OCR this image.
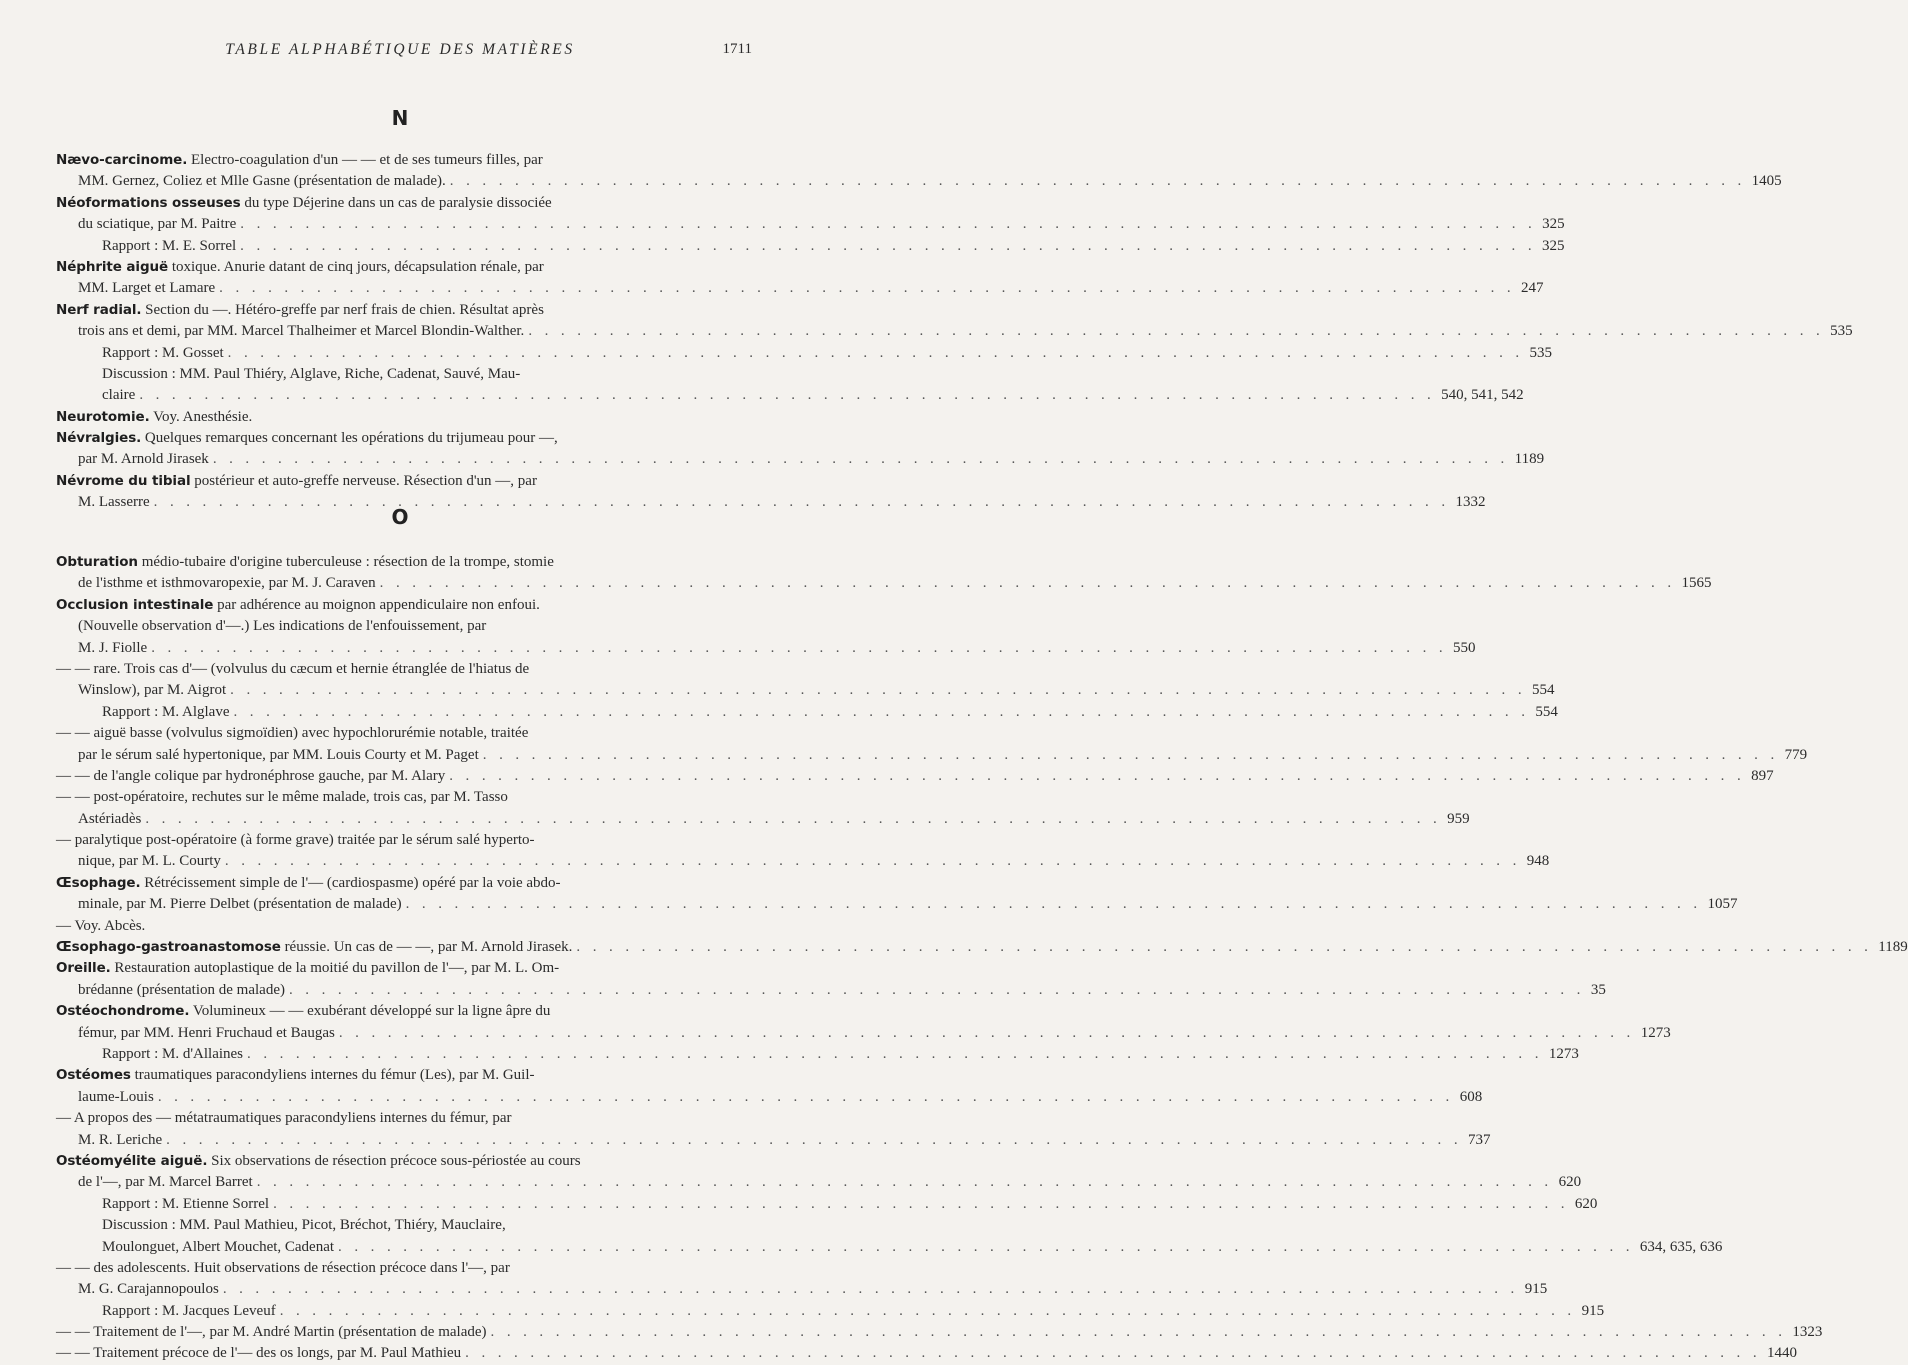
TABLE ALPHABÉTIQUE DES MATIÈRES	1711
N
Nævo-carcinome. Electro-coagulation d'un — — et de ses tumeurs filles, par
MM. Gernez, Coliez et Mlle Gasne (présentation de malade). . . . . . . . . . . . . . . . . . . . . . . . . . . . . . . . . . . . . . . . . . . . . . . . . . . . . . . . . . . . . . . . . . . . . . . . . . . . . . . . . 1405
Néoformations osseuses du type Déjerine dans un cas de paralysie dissociée
du sciatique, par M. Paitre . . . . . . . . . . . . . . . . . . . . . . . . . . . . . . . . . . . . . . . . . . . . . . . . . . . . . . . . . . . . . . . . . . . . . . . . . . . . . . . . 325
Rapport : M. E. Sorrel . . . . . . . . . . . . . . . . . . . . . . . . . . . . . . . . . . . . . . . . . . . . . . . . . . . . . . . . . . . . . . . . . . . . . . . . . . . . . . . . 325
Néphrite aiguë toxique. Anurie datant de cinq jours, décapsulation rénale, par
MM. Larget et Lamare . . . . . . . . . . . . . . . . . . . . . . . . . . . . . . . . . . . . . . . . . . . . . . . . . . . . . . . . . . . . . . . . . . . . . . . . . . . . . . . . 247
Nerf radial. Section du —. Hétéro-greffe par nerf frais de chien. Résultat après
trois ans et demi, par MM. Marcel Thalheimer et Marcel Blondin-Walther. . . . . . . . . . . . . . . . . . . . . . . . . . . . . . . . . . . . . . . . . . . . . . . . . . . . . . . . . . . . . . . . . . . . . . . . . . . . . . . . . 535
Rapport : M. Gosset . . . . . . . . . . . . . . . . . . . . . . . . . . . . . . . . . . . . . . . . . . . . . . . . . . . . . . . . . . . . . . . . . . . . . . . . . . . . . . . . 535
Discussion : MM. Paul Thiéry, Alglave, Riche, Cadenat, Sauvé, Mau-
claire . . . . . . . . . . . . . . . . . . . . . . . . . . . . . . . . . . . . . . . . . . . . . . . . . . . . . . . . . . . . . . . . . . . . . . . . . . . . . . . . 540, 541, 542
Neurotomie. Voy. Anesthésie.
Névralgies. Quelques remarques concernant les opérations du trijumeau pour —,
par M. Arnold Jirasek . . . . . . . . . . . . . . . . . . . . . . . . . . . . . . . . . . . . . . . . . . . . . . . . . . . . . . . . . . . . . . . . . . . . . . . . . . . . . . . . 1189
Névrome du tibial postérieur et auto-greffe nerveuse. Résection d'un —, par
M. Lasserre . . . . . . . . . . . . . . . . . . . . . . . . . . . . . . . . . . . . . . . . . . . . . . . . . . . . . . . . . . . . . . . . . . . . . . . . . . . . . . . . 1332
O
Obturation médio-tubaire d'origine tuberculeuse : résection de la trompe, stomie
de l'isthme et isthmovaropexie, par M. J. Caraven . . . . . . . . . . . . . . . . . . . . . . . . . . . . . . . . . . . . . . . . . . . . . . . . . . . . . . . . . . . . . . . . . . . . . . . . . . . . . . . . 1565
Occlusion intestinale par adhérence au moignon appendiculaire non enfoui.
(Nouvelle observation d'—.) Les indications de l'enfouissement, par
M. J. Fiolle . . . . . . . . . . . . . . . . . . . . . . . . . . . . . . . . . . . . . . . . . . . . . . . . . . . . . . . . . . . . . . . . . . . . . . . . . . . . . . . . 550
— — rare. Trois cas d'— (volvulus du cæcum et hernie étranglée de l'hiatus de
Winslow), par M. Aigrot . . . . . . . . . . . . . . . . . . . . . . . . . . . . . . . . . . . . . . . . . . . . . . . . . . . . . . . . . . . . . . . . . . . . . . . . . . . . . . . . 554
Rapport : M. Alglave . . . . . . . . . . . . . . . . . . . . . . . . . . . . . . . . . . . . . . . . . . . . . . . . . . . . . . . . . . . . . . . . . . . . . . . . . . . . . . . . 554
— — aiguë basse (volvulus sigmoïdien) avec hypochlorurémie notable, traitée
par le sérum salé hypertonique, par MM. Louis Courty et M. Paget . . . . . . . . . . . . . . . . . . . . . . . . . . . . . . . . . . . . . . . . . . . . . . . . . . . . . . . . . . . . . . . . . . . . . . . . . . . . . . . . 779
— — de l'angle colique par hydronéphrose gauche, par M. Alary . . . . . . . . . . . . . . . . . . . . . . . . . . . . . . . . . . . . . . . . . . . . . . . . . . . . . . . . . . . . . . . . . . . . . . . . . . . . . . . . 897
— — post-opératoire, rechutes sur le même malade, trois cas, par M. Tasso
Astériadès . . . . . . . . . . . . . . . . . . . . . . . . . . . . . . . . . . . . . . . . . . . . . . . . . . . . . . . . . . . . . . . . . . . . . . . . . . . . . . . . 959
— paralytique post-opératoire (à forme grave) traitée par le sérum salé hyperto-
nique, par M. L. Courty . . . . . . . . . . . . . . . . . . . . . . . . . . . . . . . . . . . . . . . . . . . . . . . . . . . . . . . . . . . . . . . . . . . . . . . . . . . . . . . . 948
Œsophage. Rétrécissement simple de l'— (cardiospasme) opéré par la voie abdo-
minale, par M. Pierre Delbet (présentation de malade) . . . . . . . . . . . . . . . . . . . . . . . . . . . . . . . . . . . . . . . . . . . . . . . . . . . . . . . . . . . . . . . . . . . . . . . . . . . . . . . . 1057
— Voy. Abcès.
Œsophago-gastroanastomose réussie. Un cas de — —, par M. Arnold Jirasek. . . . . . . . . . . . . . . . . . . . . . . . . . . . . . . . . . . . . . . . . . . . . . . . . . . . . . . . . . . . . . . . . . . . . . . . . . . . . . . . . 1189
Oreille. Restauration autoplastique de la moitié du pavillon de l'—, par M. L. Om-
brédanne (présentation de malade) . . . . . . . . . . . . . . . . . . . . . . . . . . . . . . . . . . . . . . . . . . . . . . . . . . . . . . . . . . . . . . . . . . . . . . . . . . . . . . . . 35
Ostéochondrome. Volumineux — — exubérant développé sur la ligne âpre du
fémur, par MM. Henri Fruchaud et Baugas . . . . . . . . . . . . . . . . . . . . . . . . . . . . . . . . . . . . . . . . . . . . . . . . . . . . . . . . . . . . . . . . . . . . . . . . . . . . . . . . 1273
Rapport : M. d'Allaines . . . . . . . . . . . . . . . . . . . . . . . . . . . . . . . . . . . . . . . . . . . . . . . . . . . . . . . . . . . . . . . . . . . . . . . . . . . . . . . . 1273
Ostéomes traumatiques paracondyliens internes du fémur (Les), par M. Guil-
laume-Louis . . . . . . . . . . . . . . . . . . . . . . . . . . . . . . . . . . . . . . . . . . . . . . . . . . . . . . . . . . . . . . . . . . . . . . . . . . . . . . . . 608
— A propos des — métatraumatiques paracondyliens internes du fémur, par
M. R. Leriche . . . . . . . . . . . . . . . . . . . . . . . . . . . . . . . . . . . . . . . . . . . . . . . . . . . . . . . . . . . . . . . . . . . . . . . . . . . . . . . . 737
Ostéomyélite aiguë. Six observations de résection précoce sous-périostée au cours
de l'—, par M. Marcel Barret . . . . . . . . . . . . . . . . . . . . . . . . . . . . . . . . . . . . . . . . . . . . . . . . . . . . . . . . . . . . . . . . . . . . . . . . . . . . . . . . 620
Rapport : M. Etienne Sorrel . . . . . . . . . . . . . . . . . . . . . . . . . . . . . . . . . . . . . . . . . . . . . . . . . . . . . . . . . . . . . . . . . . . . . . . . . . . . . . . . 620
Discussion : MM. Paul Mathieu, Picot, Bréchot, Thiéry, Mauclaire,
Moulonguet, Albert Mouchet, Cadenat . . . . . . . . . . . . . . . . . . . . . . . . . . . . . . . . . . . . . . . . . . . . . . . . . . . . . . . . . . . . . . . . . . . . . . . . . . . . . . . . 634, 635, 636
— — des adolescents. Huit observations de résection précoce dans l'—, par
M. G. Carajannopoulos . . . . . . . . . . . . . . . . . . . . . . . . . . . . . . . . . . . . . . . . . . . . . . . . . . . . . . . . . . . . . . . . . . . . . . . . . . . . . . . . 915
Rapport : M. Jacques Leveuf . . . . . . . . . . . . . . . . . . . . . . . . . . . . . . . . . . . . . . . . . . . . . . . . . . . . . . . . . . . . . . . . . . . . . . . . . . . . . . . . 915
— — Traitement de l'—, par M. André Martin (présentation de malade) . . . . . . . . . . . . . . . . . . . . . . . . . . . . . . . . . . . . . . . . . . . . . . . . . . . . . . . . . . . . . . . . . . . . . . . . . . . . . . . . 1323
— — Traitement précoce de l'— des os longs, par M. Paul Mathieu . . . . . . . . . . . . . . . . . . . . . . . . . . . . . . . . . . . . . . . . . . . . . . . . . . . . . . . . . . . . . . . . . . . . . . . . . . . . . . . . 1440
